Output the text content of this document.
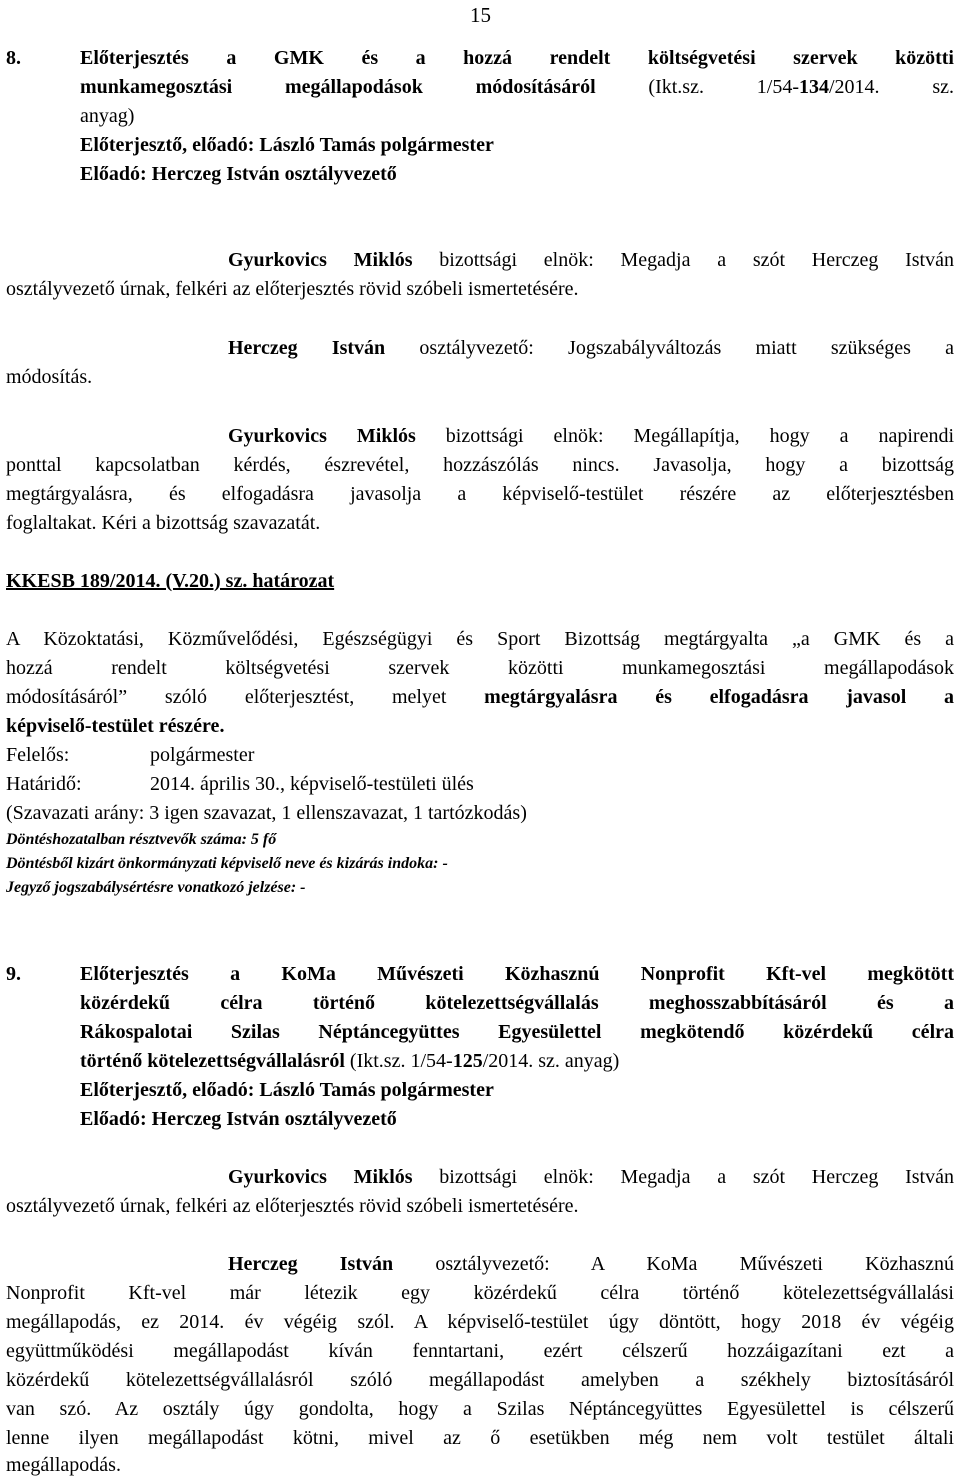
15
8.	Előterjesztés a GMK és a hozzá rendelt költségvetési szervek közötti
munkamegosztási megállapodások módosításáról (Ikt.sz. 1/54-134/2014. sz.
anyag)
Előterjesztő, előadó: László Tamás polgármester
Előadó: Herczeg István osztályvezető
Gyurkovics Miklós bizottsági elnök: Megadja a szót Herczeg István
osztályvezető úrnak, felkéri az előterjesztés rövid szóbeli ismertetésére.
Herczeg István osztályvezető: Jogszabályváltozás miatt szükséges a
módosítás.
Gyurkovics Miklós bizottsági elnök: Megállapítja, hogy a napirendi
ponttal kapcsolatban kérdés, észrevétel, hozzászólás nincs. Javasolja, hogy a bizottság
megtárgyalásra, és elfogadásra javasolja a képviselő-testület részére az előterjesztésben
foglaltakat. Kéri a bizottság szavazatát.
KKESB 189/2014. (V.20.) sz. határozat
A Közoktatási, Közművelődési, Egészségügyi és Sport Bizottság megtárgyalta „a GMK és a
hozzá rendelt költségvetési szervek közötti munkamegosztási megállapodások
módosításáról” szóló előterjesztést, melyet megtárgyalásra és elfogadásra javasol a
képviselő-testület részére.
Felelős:	polgármester
Határidő:	2014. április 30., képviselő-testületi ülés
(Szavazati arány: 3 igen szavazat, 1 ellenszavazat, 1 tartózkodás)
Döntéshozatalban résztvevők száma: 5 fő
Döntésből kizárt önkormányzati képviselő neve és kizárás indoka: -
Jegyző jogszabálysértésre vonatkozó jelzése: -
9.	Előterjesztés a KoMa Művészeti Közhasznú Nonprofit Kft-vel megkötött
közérdekű célra történő kötelezettségvállalás meghosszabbításáról és a
Rákospalotai Szilas Néptáncegyüttes Egyesülettel megkötendő közérdekű célra
történő kötelezettségvállalásról (Ikt.sz. 1/54-125/2014. sz. anyag)
Előterjesztő, előadó: László Tamás polgármester
Előadó: Herczeg István osztályvezető
Gyurkovics Miklós bizottsági elnök: Megadja a szót Herczeg István
osztályvezető úrnak, felkéri az előterjesztés rövid szóbeli ismertetésére.
Herczeg István osztályvezető: A KoMa Művészeti Közhasznú
Nonprofit Kft-vel már létezik egy közérdekű célra történő kötelezettségvállalási
megállapodás, ez 2014. év végéig szól. A képviselő-testület úgy döntött, hogy 2018 év végéig
együttműködési megállapodást kíván fenntartani, ezért célszerű hozzáigazítani ezt a
közérdekű kötelezettségvállalásról szóló megállapodást amelyben a székhely biztosításáról
van szó. Az osztály úgy gondolta, hogy a Szilas Néptáncegyüttes Egyesülettel is célszerű
lenne ilyen megállapodást kötni, mivel az ő esetükben még nem volt testület általi
megállapodás.
